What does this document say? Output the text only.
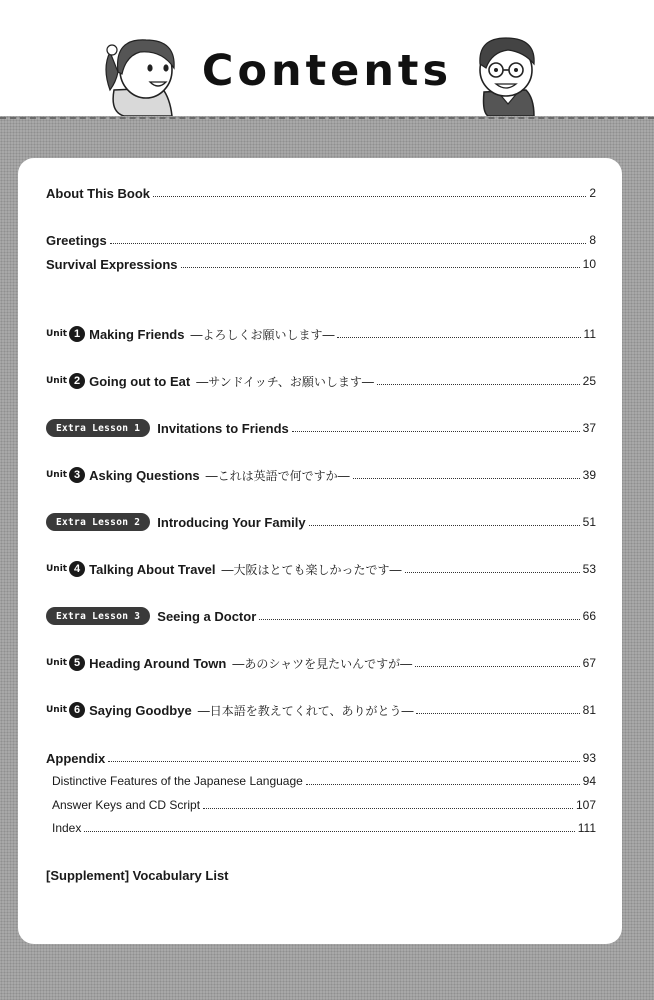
Contents
About This Book	2
Greetings	8
Survival Expressions	10
Unit 1 Making Friends ―よろしくお願いします―	11
Unit 2 Going out to Eat ―サンドイッチ、お願いします―	25
Extra Lesson 1	Invitations to Friends	37
Unit 3 Asking Questions ―これは英語で何ですか―	39
Extra Lesson 2	Introducing Your Family	51
Unit 4 Talking About Travel ―大阪はとても楽しかったです―	53
Extra Lesson 3	Seeing a Doctor	66
Unit 5 Heading Around Town ―あのシャツを見たいんですが―	67
Unit 6 Saying Goodbye ―日本語を教えてくれて、ありがとう―	81
Appendix	93
Distinctive Features of the Japanese Language	94
Answer Keys and CD Script	107
Index	111
[Supplement] Vocabulary List
